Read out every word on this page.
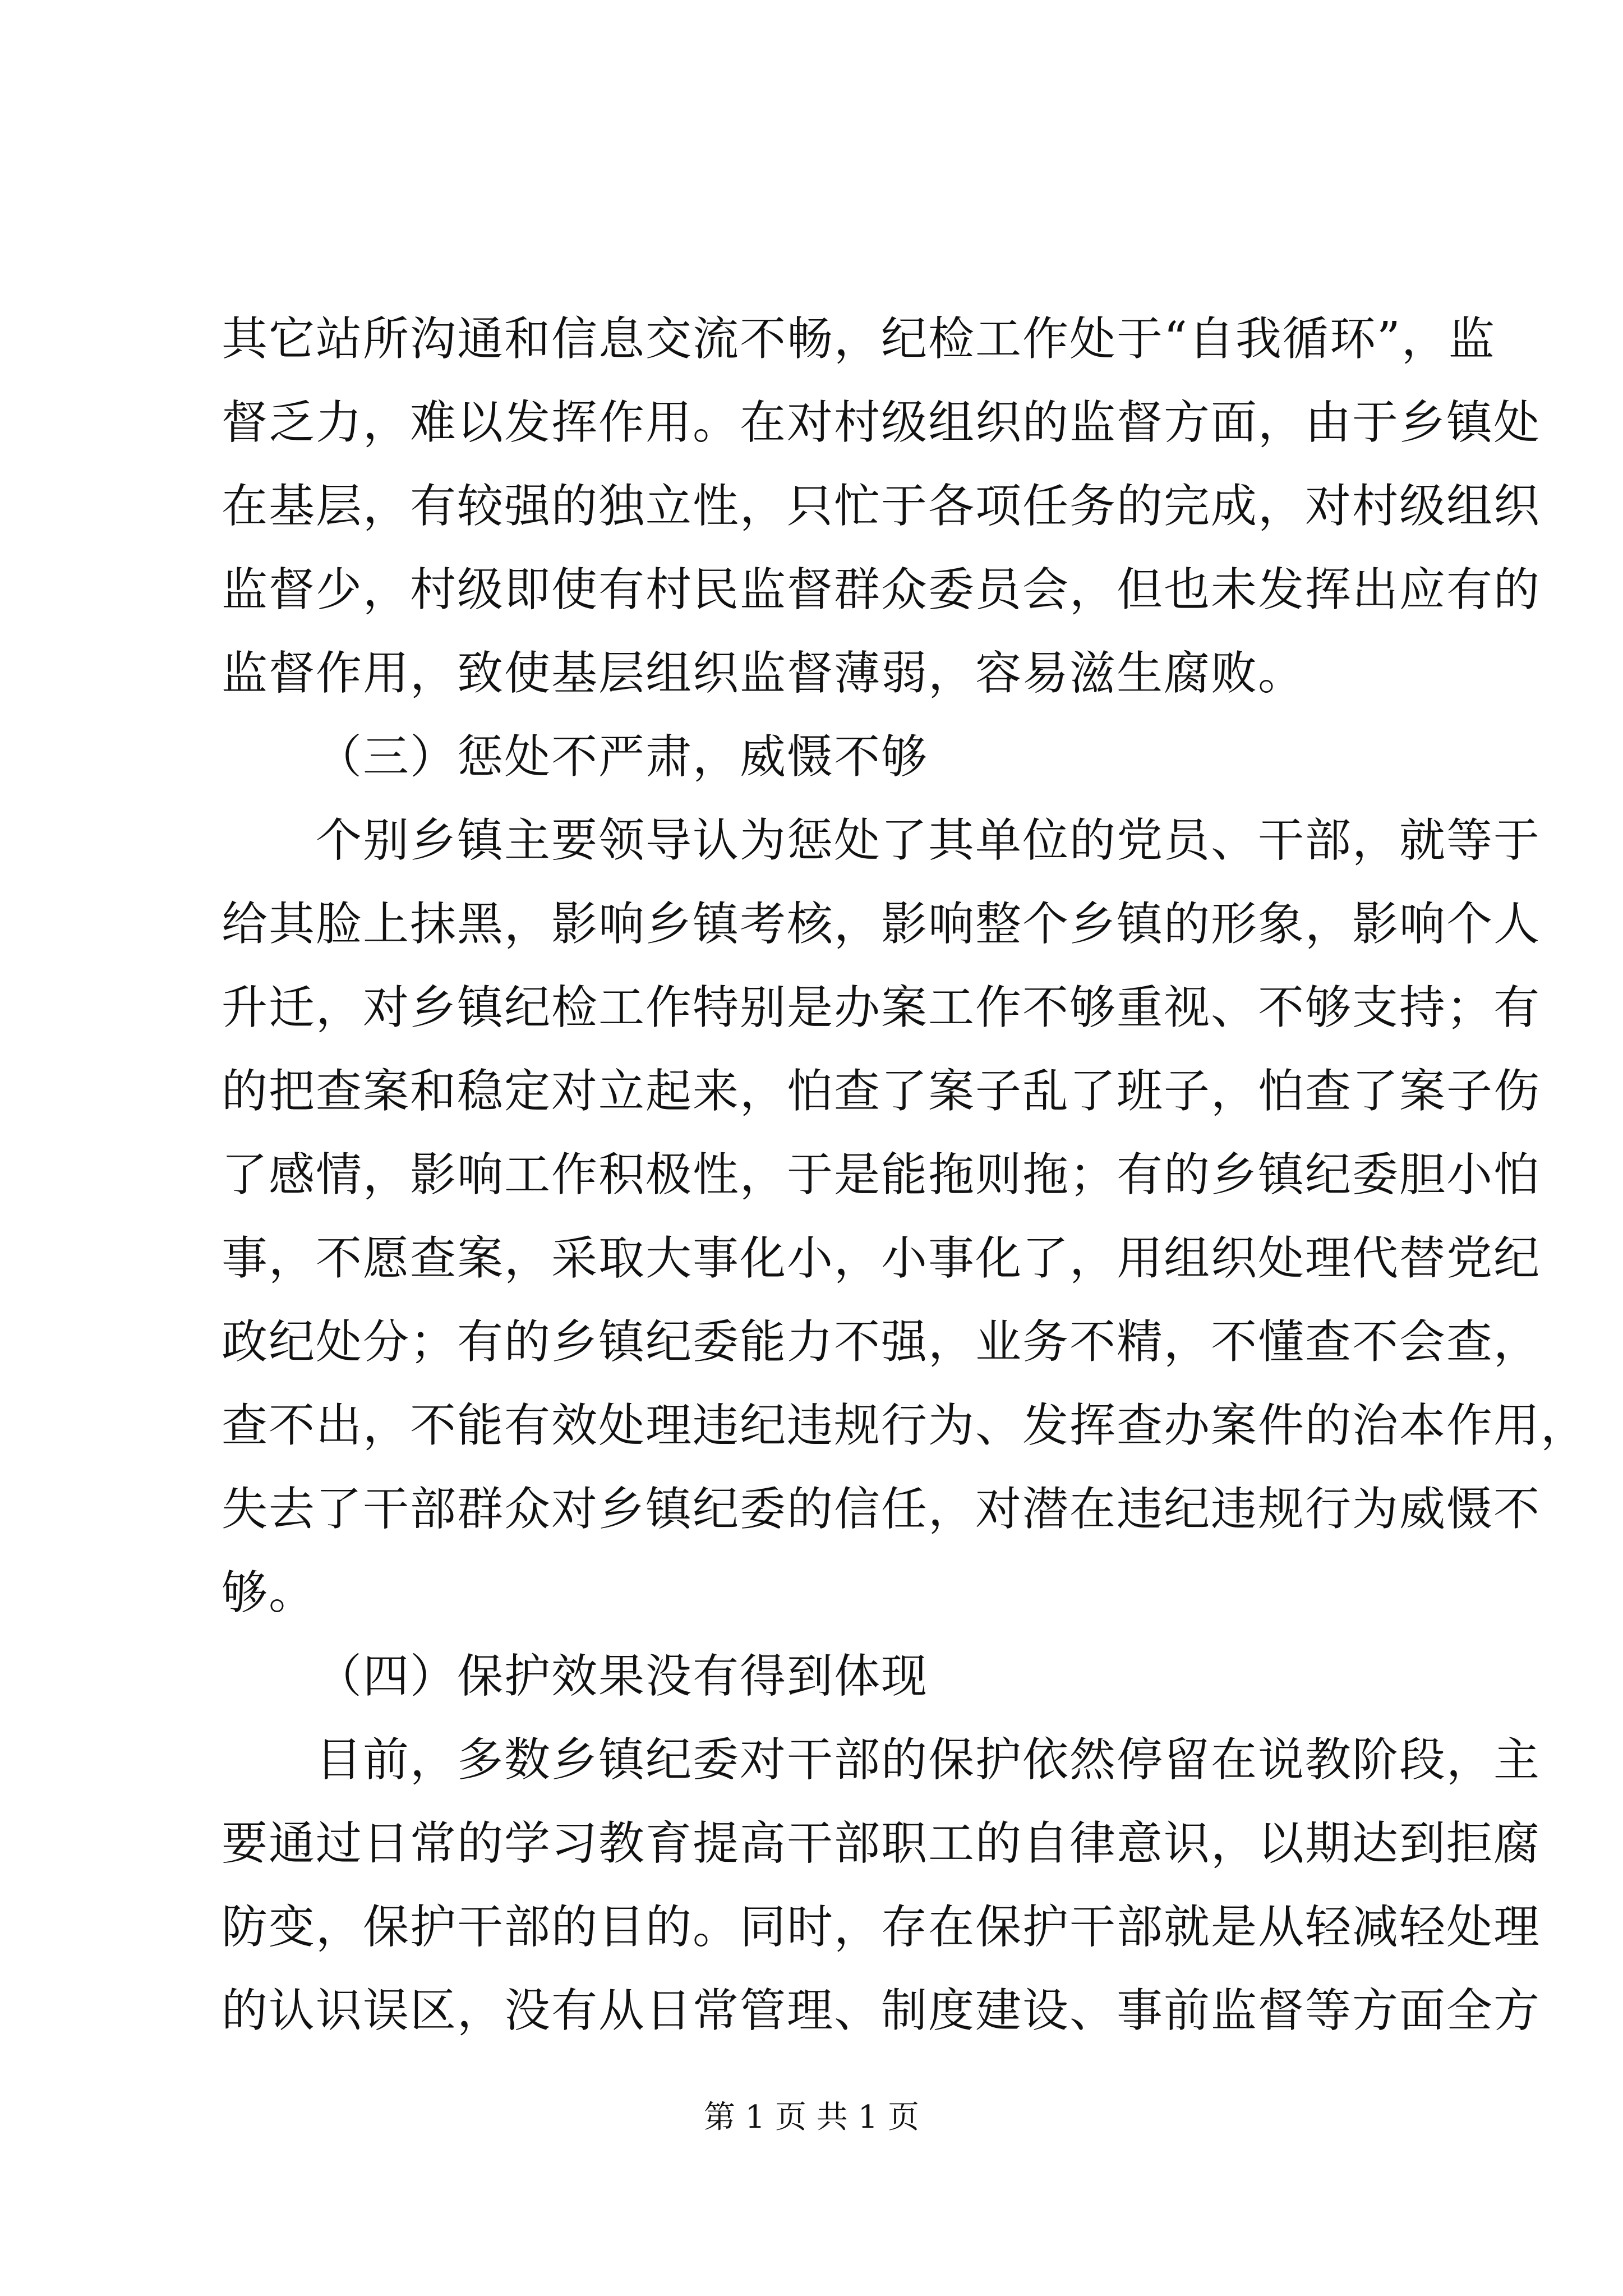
其它站所沟通和信息交流不畅，纪检工作处于“自我循环”，监
督乏力，难以发挥作用。在对村级组织的监督方面，由于乡镇处
在基层，有较强的独立性，只忙于各项任务的完成，对村级组织
监督少，村级即使有村民监督群众委员会，但也未发挥出应有的
监督作用，致使基层组织监督薄弱，容易滋生腐败。
（三）惩处不严肃，威慑不够
个别乡镇主要领导认为惩处了其单位的党员、干部，就等于
给其脸上抹黑，影响乡镇考核，影响整个乡镇的形象，影响个人
升迁，对乡镇纪检工作特别是办案工作不够重视、不够支持；有
的把查案和稳定对立起来，怕查了案子乱了班子，怕查了案子伤
了感情，影响工作积极性，于是能拖则拖；有的乡镇纪委胆小怕
事，不愿查案，采取大事化小，小事化了，用组织处理代替党纪
政纪处分；有的乡镇纪委能力不强，业务不精，不懂查不会查，
查不出，不能有效处理违纪违规行为、发挥查办案件的治本作用，
失去了干部群众对乡镇纪委的信任，对潜在违纪违规行为威慑不
够。
（四）保护效果没有得到体现
目前，多数乡镇纪委对干部的保护依然停留在说教阶段，主
要通过日常的学习教育提高干部职工的自律意识，以期达到拒腐
防变，保护干部的目的。同时，存在保护干部就是从轻减轻处理
的认识误区，没有从日常管理、制度建设、事前监督等方面全方
第 1 页 共 1 页
